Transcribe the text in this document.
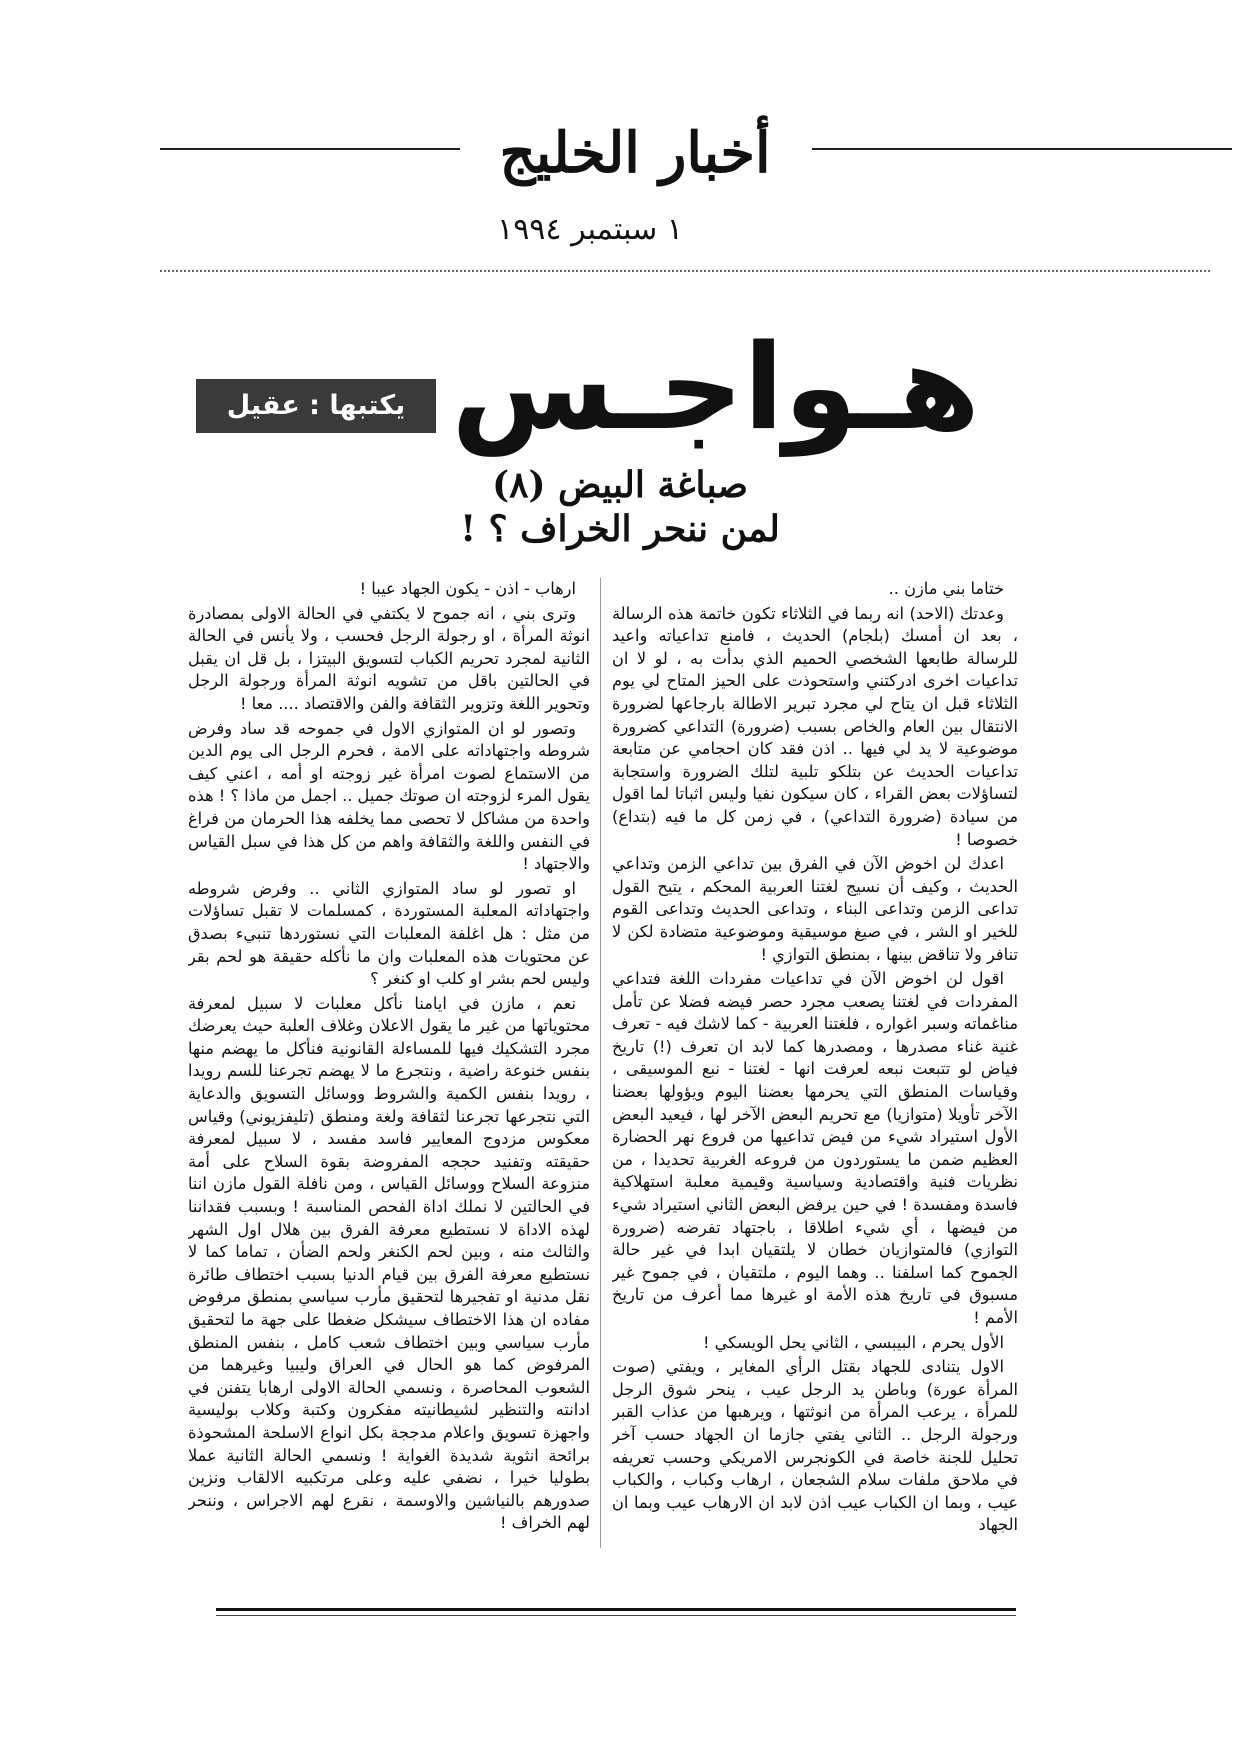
أخبار الخليج
١ سبتمبر ١٩٩٤
هـواجـس
يكتبها : عقيل سوار
صباغة البيض (٨)
لمن ننحر الخراف ؟ !

ختاما بني مازن ..

وعدتك (الاحد) انه ربما في الثلاثاء تكون خاتمة هذه الرسالة ، بعد ان أمسك (بلجام) الحديث ، فامنع تداعياته واعيد للرسالة طابعها الشخصي الحميم الذي بدأت به ، لو لا ان تداعيات اخرى ادركتني واستحوذت على الحيز المتاح لي يوم الثلاثاء قبل ان يتاح لي مجرد تبرير الاطالة بارجاعها لضرورة الانتقال بين العام والخاص بسبب (ضرورة) التداعي كضرورة موضوعية لا يد لي فيها .. اذن فقد كان احجامي عن متابعة تداعيات الحديث عن بتلكو تلبية لتلك الضرورة واستجابة لتساؤلات بعض القراء ، كان سيكون نفيا وليس اثباتا لما اقول من سيادة (ضرورة التداعي) ، في زمن كل ما فيه (بتداع) خصوصا !

اعدك لن اخوض الآن في الفرق بين تداعي الزمن وتداعي الحديث ، وكيف أن نسيج لغتنا العربية المحكم ، يتيح القول تداعى الزمن وتداعى البناء ، وتداعى الحديث وتداعى القوم للخير او الشر ، في صيغ موسيقية وموضوعية متضادة لكن لا تنافر ولا تناقض بينها ، بمنطق التوازي !

اقول لن اخوض الآن في تداعيات مفردات اللغة فتداعي المفردات في لغتنا يصعب مجرد حصر فيضه فضلا عن تأمل مناغماته وسبر اغواره ، فلغتنا العربية - كما لاشك فيه - تعرف غنية غناء مصدرها ، ومصدرها كما لابد ان تعرف (!) تاريخ فياض لو تتبعت نبعه لعرفت انها - لغتنا - نبع الموسيقى ، وقياسات المنطق التي يحرمها بعضنا اليوم ويؤولها بعضنا الآخر تأويلا (متوازيا) مع تحريم البعض الآخر لها ، فيعيد البعض الأول استيراد شيء من فيض تداعيها من فروع نهر الحضارة العظيم ضمن ما يستوردون من فروعه الغربية تحديدا ، من نظريات فنية واقتصادية وسياسية وقيمية معلبة استهلاكية فاسدة ومفسدة ! في حين يرفض البعض الثاني استيراد شيء من فيضها ، أي شيء اطلاقا ، باجتهاد تفرضه (ضرورة التوازي) فالمتوازيان خطان لا يلتقيان ابدا في غير حالة الجموح كما اسلفنا .. وهما اليوم ، ملتقيان ، في جموح غير مسبوق في تاريخ هذه الأمة او غيرها مما أعرف من تاريخ الأمم !

الأول يحرم ، البيبسي ، الثاني يحل الويسكي !

الاول يتنادى للجهاد بقتل الرأي المغاير ، ويفتي (صوت المرأة عورة) وباطن يد الرجل عيب ، ينحر شوق الرجل للمرأة ، يرعب المرأة من انوثتها ، ويرهبها من عذاب القبر ورجولة الرجل .. الثاني يفتي جازما ان الجهاد حسب آخر تحليل للجنة خاصة في الكونجرس الامريكي وحسب تعريفه في ملاحق ملفات سلام الشجعان ، ارهاب وكباب ، والكباب عيب ، وبما ان الكباب عيب اذن لابد ان الارهاب عيب وبما ان الجهاد

ارهاب - اذن - يكون الجهاد عيبا !

وترى بني ، انه جموح لا يكتفي في الحالة الاولى بمصادرة انوثة المرأة ، او رجولة الرجل فحسب ، ولا يأنس في الحالة الثانية لمجرد تحريم الكباب لتسويق البيتزا ، بل قل ان يقبل في الحالتين باقل من تشويه انوثة المرأة ورجولة الرجل وتحوير اللغة وتزوير الثقافة والفن والاقتصاد .... معا !

وتصور لو ان المتوازي الاول في جموحه قد ساد وفرض شروطه واجتهاداته على الامة ، فحرم الرجل الى يوم الدين من الاستماع لصوت امرأة غير زوجته او أمه ، اعني كيف يقول المرء لزوجته ان صوتك جميل .. اجمل من ماذا ؟ ! هذه واحدة من مشاكل لا تحصى مما يخلفه هذا الحرمان من فراغ في النفس واللغة والثقافة واهم من كل هذا في سبل القياس والاجتهاد !

او تصور لو ساد المتوازي الثاني .. وفرض شروطه واجتهاداته المعلبة المستوردة ، كمسلمات لا تقبل تساؤلات من مثل : هل اغلفة المعلبات التي نستوردها تنبيء بصدق عن محتويات هذه المعلبات وان ما نأكله حقيقة هو لحم بقر وليس لحم بشر او كلب او كنغر ؟

نعم ، مازن في ايامنا نأكل معلبات لا سبيل لمعرفة محتوياتها من غير ما يقول الاعلان وغلاف العلبة حيث يعرضك مجرد التشكيك فيها للمساءلة القانونية فنأكل ما يهضم منها بنفس خنوعة راضية ، ونتجرع ما لا يهضم تجرعنا للسم رويدا ، رويدا بنفس الكمية والشروط ووسائل التسويق والدعاية التي نتجرعها تجرعنا لثقافة ولغة ومنطق (تليفزيوني) وقياس معكوس مزدوج المعايير فاسد مفسد ، لا سبيل لمعرفة حقيقته وتفنيد حججه المفروضة بقوة السلاح على أمة منزوعة السلاح ووسائل القياس ، ومن نافلة القول مازن اننا في الحالتين لا نملك اداة الفحص المناسبة ! وبسبب فقداننا لهذه الاداة لا نستطيع معرفة الفرق بين هلال اول الشهر والثالث منه ، وبين لحم الكنغر ولحم الضأن ، تماما كما لا نستطيع معرفة الفرق بين قيام الدنيا بسبب اختطاف طائرة نقل مدنية او تفجيرها لتحقيق مأرب سياسي بمنطق مرفوض مفاده ان هذا الاختطاف سيشكل ضغطا على جهة ما لتحقيق مأرب سياسي وبين اختطاف شعب كامل ، بنفس المنطق المرفوض كما هو الحال في العراق وليبيا وغيرهما من الشعوب المحاصرة ، ونسمي الحالة الاولى ارهابا يتفنن في ادانته والتنظير لشيطانيته مفكرون وكتبة وكلاب بوليسية واجهزة تسويق واعلام مدججة بكل انواع الاسلحة المشحوذة برائحة انثوية شديدة الغواية ! ونسمي الحالة الثانية عملا بطوليا خيرا ، نضفي عليه وعلى مرتكبيه الالقاب ونزين صدورهم بالنياشين والاوسمة ، نقرع لهم الاجراس ، وننحر لهم الخراف !
